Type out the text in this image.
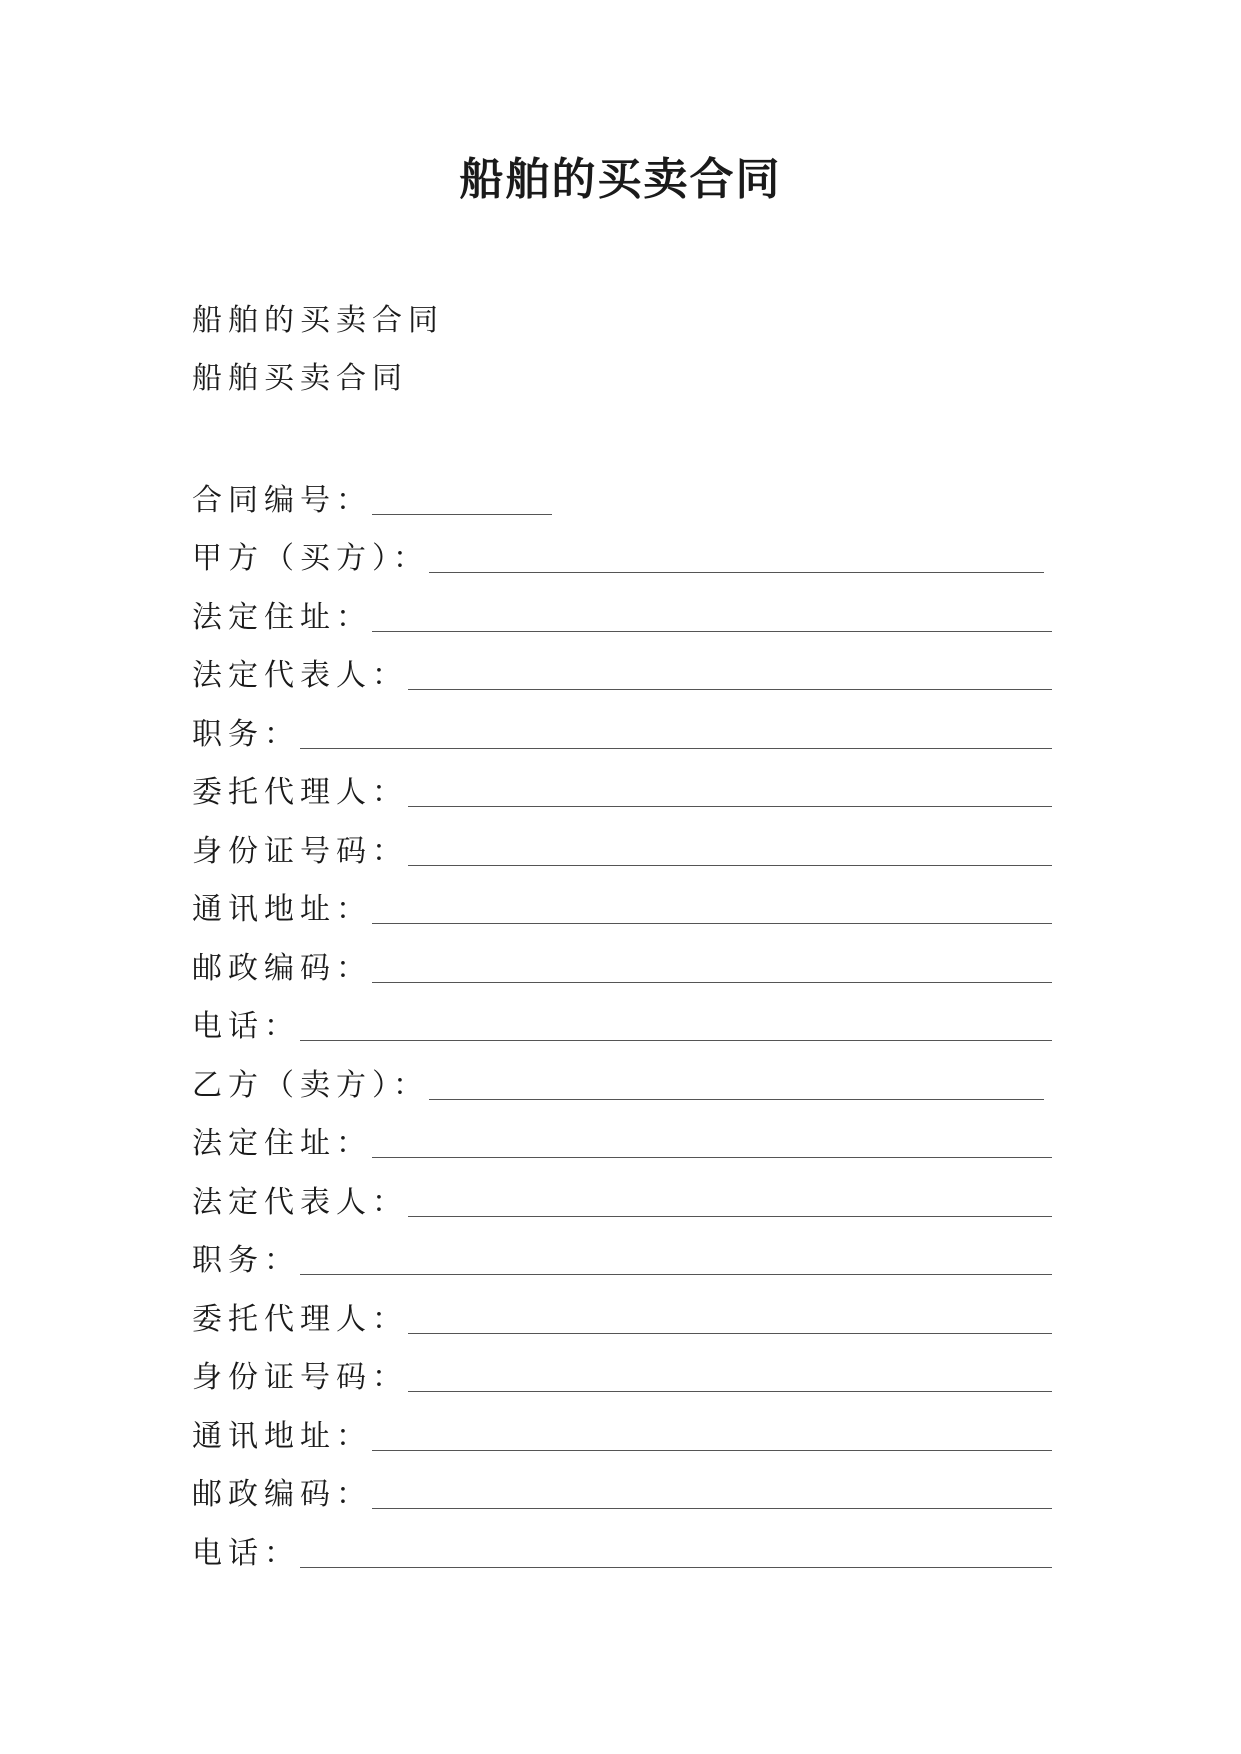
船舶的买卖合同
船舶的买卖合同
船舶买卖合同
合同编号：
甲方（买方）：
法定住址：
法定代表人：
职务：
委托代理人：
身份证号码：
通讯地址：
邮政编码：
电话：
乙方（卖方）：
法定住址：
法定代表人：
职务：
委托代理人：
身份证号码：
通讯地址：
邮政编码：
电话：
